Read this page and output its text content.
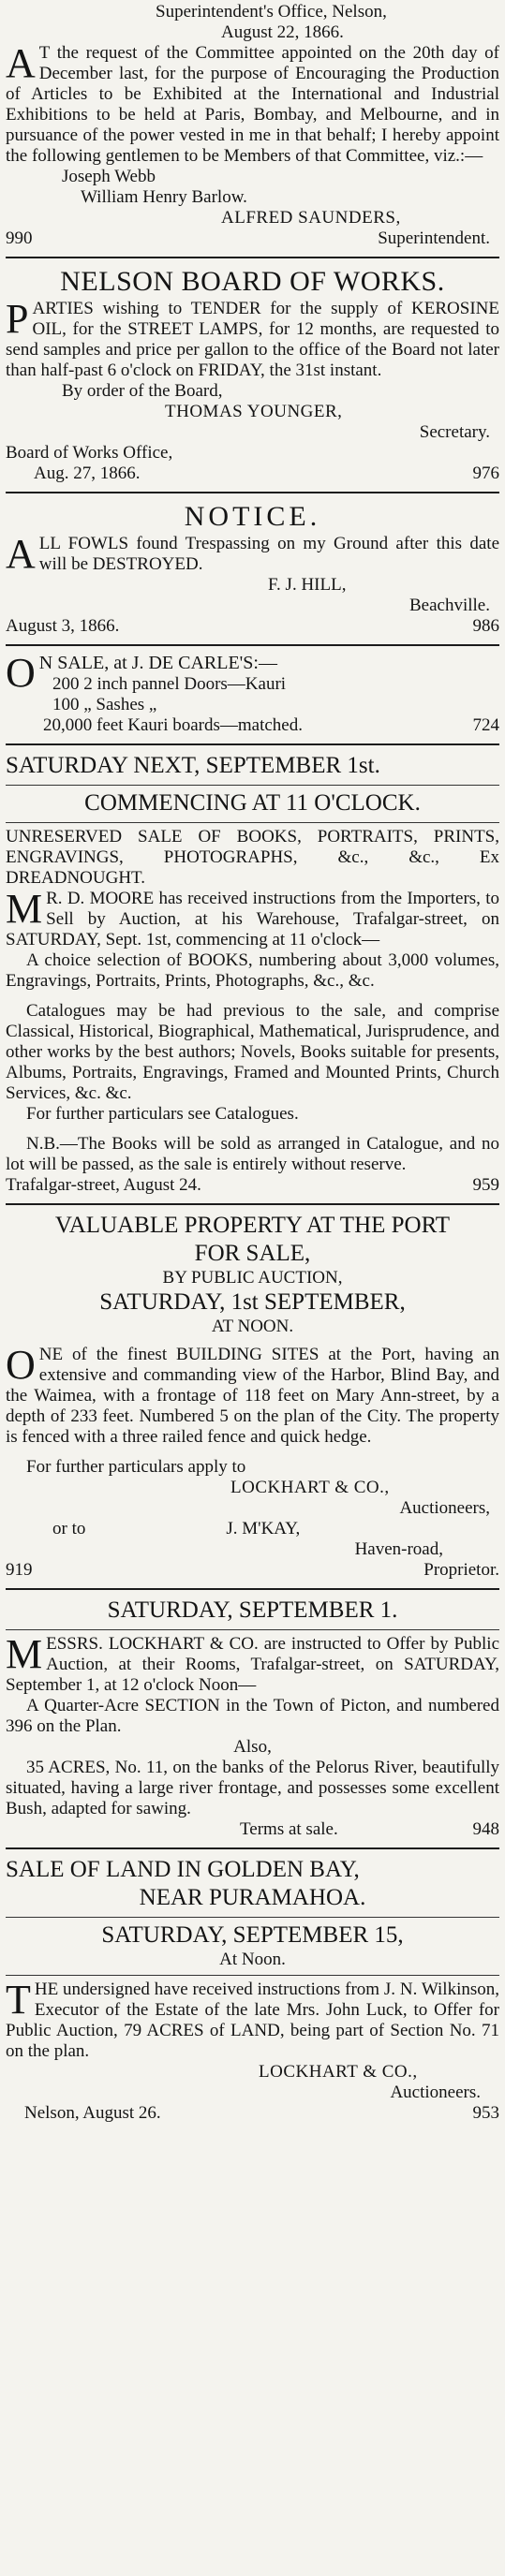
Superintendent's Office, Nelson,

August 22, 1866.

A T the request of the Committee appointed on the 20th day of December last, for the purpose of Encouraging the Production of Articles to be Exhibited at the International and Industrial Exhibitions to be held at Paris, Bombay, and Melbourne, and in pursuance of the power vested in me in that behalf; I hereby appoint the following gentlemen to be Members of that Committee, viz.:—

Joseph Webb

William Henry Barlow.

ALFRED SAUNDERS,

990	Superintendent.

NELSON BOARD OF WORKS.

PARTIES wishing to TENDER for the supply of KEROSINE OIL, for the STREET LAMPS, for 12 months, are requested to send samples and price per gallon to the office of the Board not later than half-past 6 o'clock on FRIDAY, the 31st instant.

By order of the Board,

THOMAS YOUNGER,

Secretary.

Board of Works Office,

Aug. 27, 1866.	976

NOTICE.

ALL FOWLS found Trespassing on my Ground after this date will be DESTROYED.

F. J. HILL,

Beachville.

August 3, 1866.	986

O N SALE, at J. DE CARLE'S:—

200 2 inch pannel Doors—Kauri

100 „ Sashes „

20,000 feet Kauri boards—matched.	724

SATURDAY NEXT, SEPTEMBER 1st.

COMMENCING AT 11 O'CLOCK.

UNRESERVED SALE OF BOOKS, PORTRAITS, PRINTS, ENGRAVINGS, PHOTOGRAPHS, &c., &c., Ex DREADNOUGHT.

M R. D. MOORE has received instructions from the Importers, to Sell by Auction, at his Warehouse, Trafalgar-street, on SATURDAY, Sept. 1st, commencing at 11 o'clock—

A choice selection of BOOKS, numbering about 3,000 volumes, Engravings, Portraits, Prints, Photographs, &c., &c.

Catalogues may be had previous to the sale, and comprise Classical, Historical, Biographical, Mathematical, Jurisprudence, and other works by the best authors; Novels, Books suitable for presents, Albums, Portraits, Engravings, Framed and Mounted Prints, Church Services, &c. &c.

For further particulars see Catalogues.

N.B.—The Books will be sold as arranged in Catalogue, and no lot will be passed, as the sale is entirely without reserve.

Trafalgar-street, August 24.	959

VALUABLE PROPERTY AT THE PORT

FOR SALE,

BY PUBLIC AUCTION,

SATURDAY, 1st SEPTEMBER,

AT NOON.

ONE of the finest BUILDING SITES at the Port, having an extensive and commanding view of the Harbor, Blind Bay, and the Waimea, with a frontage of 118 feet on Mary Ann-street, by a depth of 233 feet. Numbered 5 on the plan of the City. The property is fenced with a three railed fence and quick hedge.

For further particulars apply to

LOCKHART & CO.,

Auctioneers,

or to	J. M'KAY,

Haven-road,

919	Proprietor.

SATURDAY, SEPTEMBER 1.

MESSRS. LOCKHART & CO. are instructed to Offer by Public Auction, at their Rooms, Trafalgar-street, on SATURDAY, September 1, at 12 o'clock Noon—

A Quarter-Acre SECTION in the Town of Picton, and numbered 396 on the Plan.

Also,

35 ACRES, No. 11, on the banks of the Pelorus River, beautifully situated, having a large river frontage, and possesses some excellent Bush, adapted for sawing.

Terms at sale.	948

SALE OF LAND IN GOLDEN BAY,

NEAR PURAMAHOA.

SATURDAY, SEPTEMBER 15,

At Noon.

THE undersigned have received instructions from J. N. Wilkinson, Executor of the Estate of the late Mrs. John Luck, to Offer for Public Auction, 79 ACRES of LAND, being part of Section No. 71 on the plan.

LOCKHART & CO.,

Auctioneers.

Nelson, August 26.	953
